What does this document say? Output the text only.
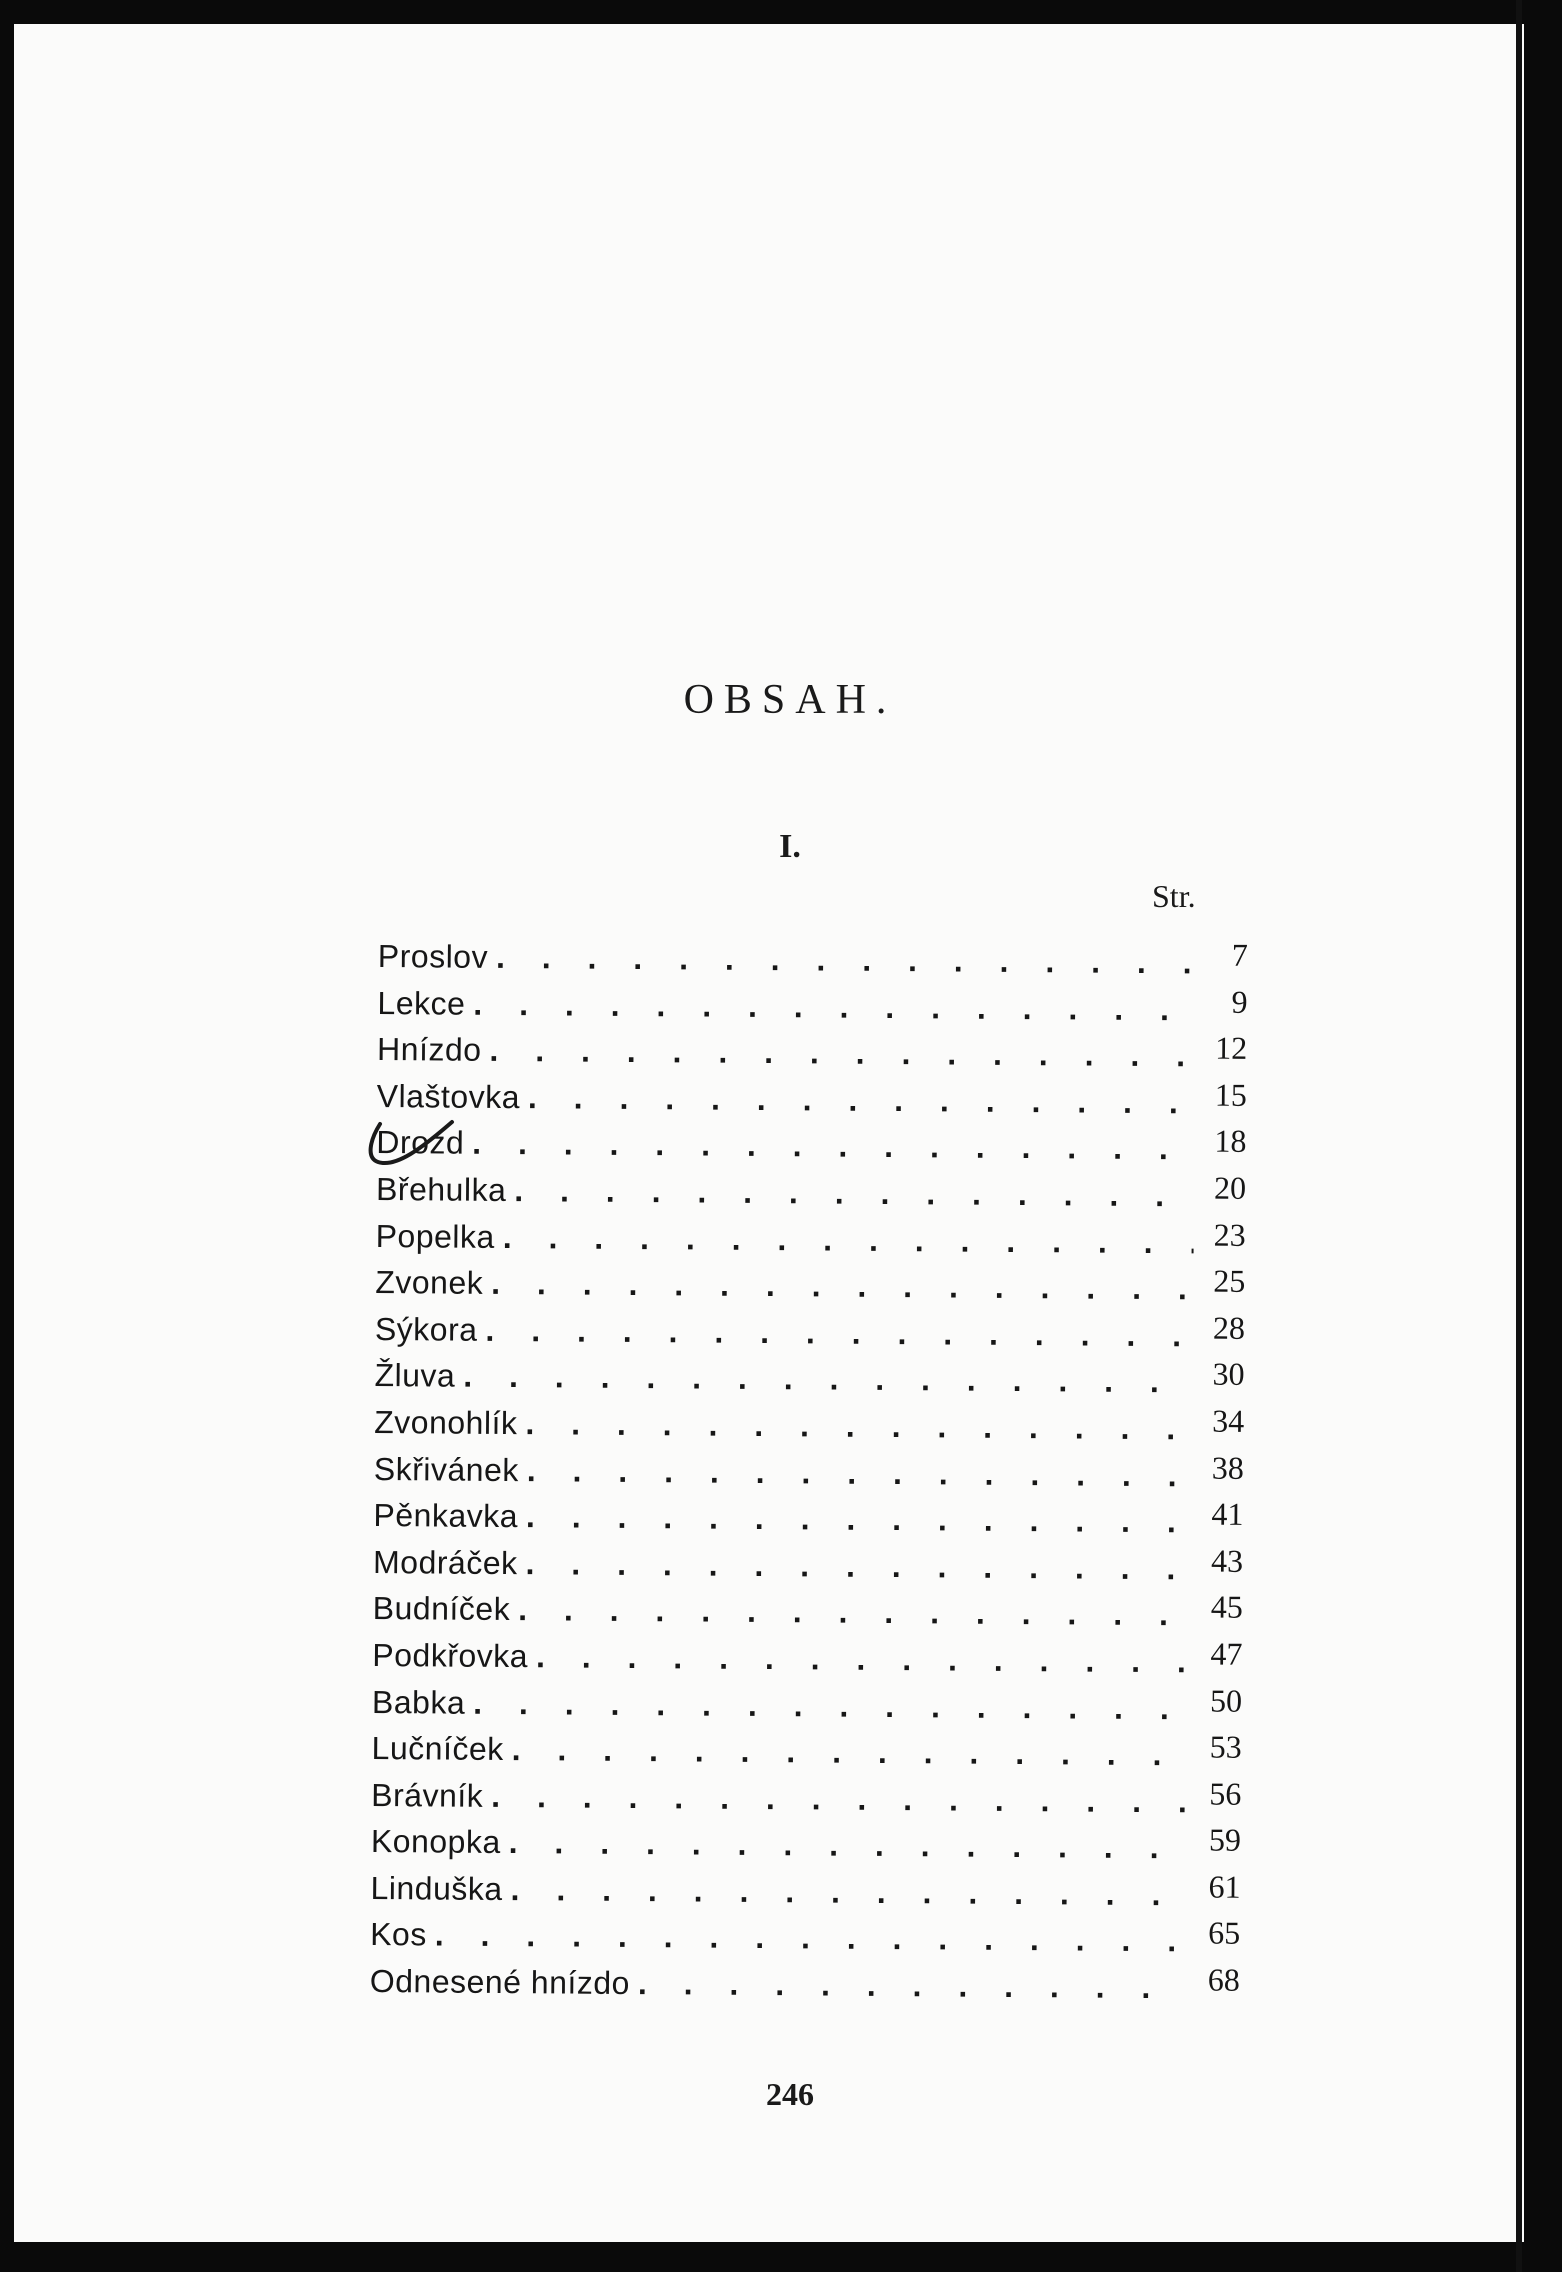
OBSAH.
I.
Str.
Proslov . . .	7
Lekce . . .	9
Hnízdo . . .	12
Vlaštovka . . .	15
Drozd . . .	18
Břehulka . . .	20
Popelka . . .	23
Zvonek . . .	25
Sýkora . . .	28
Žluva . . .	30
Zvonohlík . . .	34
Skřivánek . . .	38
Pěnkavka . . .	41
Modráček . . .	43
Budníček . . .	45
Podkřovka . . .	47
Babka . . .	50
Lučníček . . .	53
Brávník . . .	56
Konopka . . .	59
Linduška . . .	61
Kos . . .	65
Odnesené hnízdo . . .	68
246
